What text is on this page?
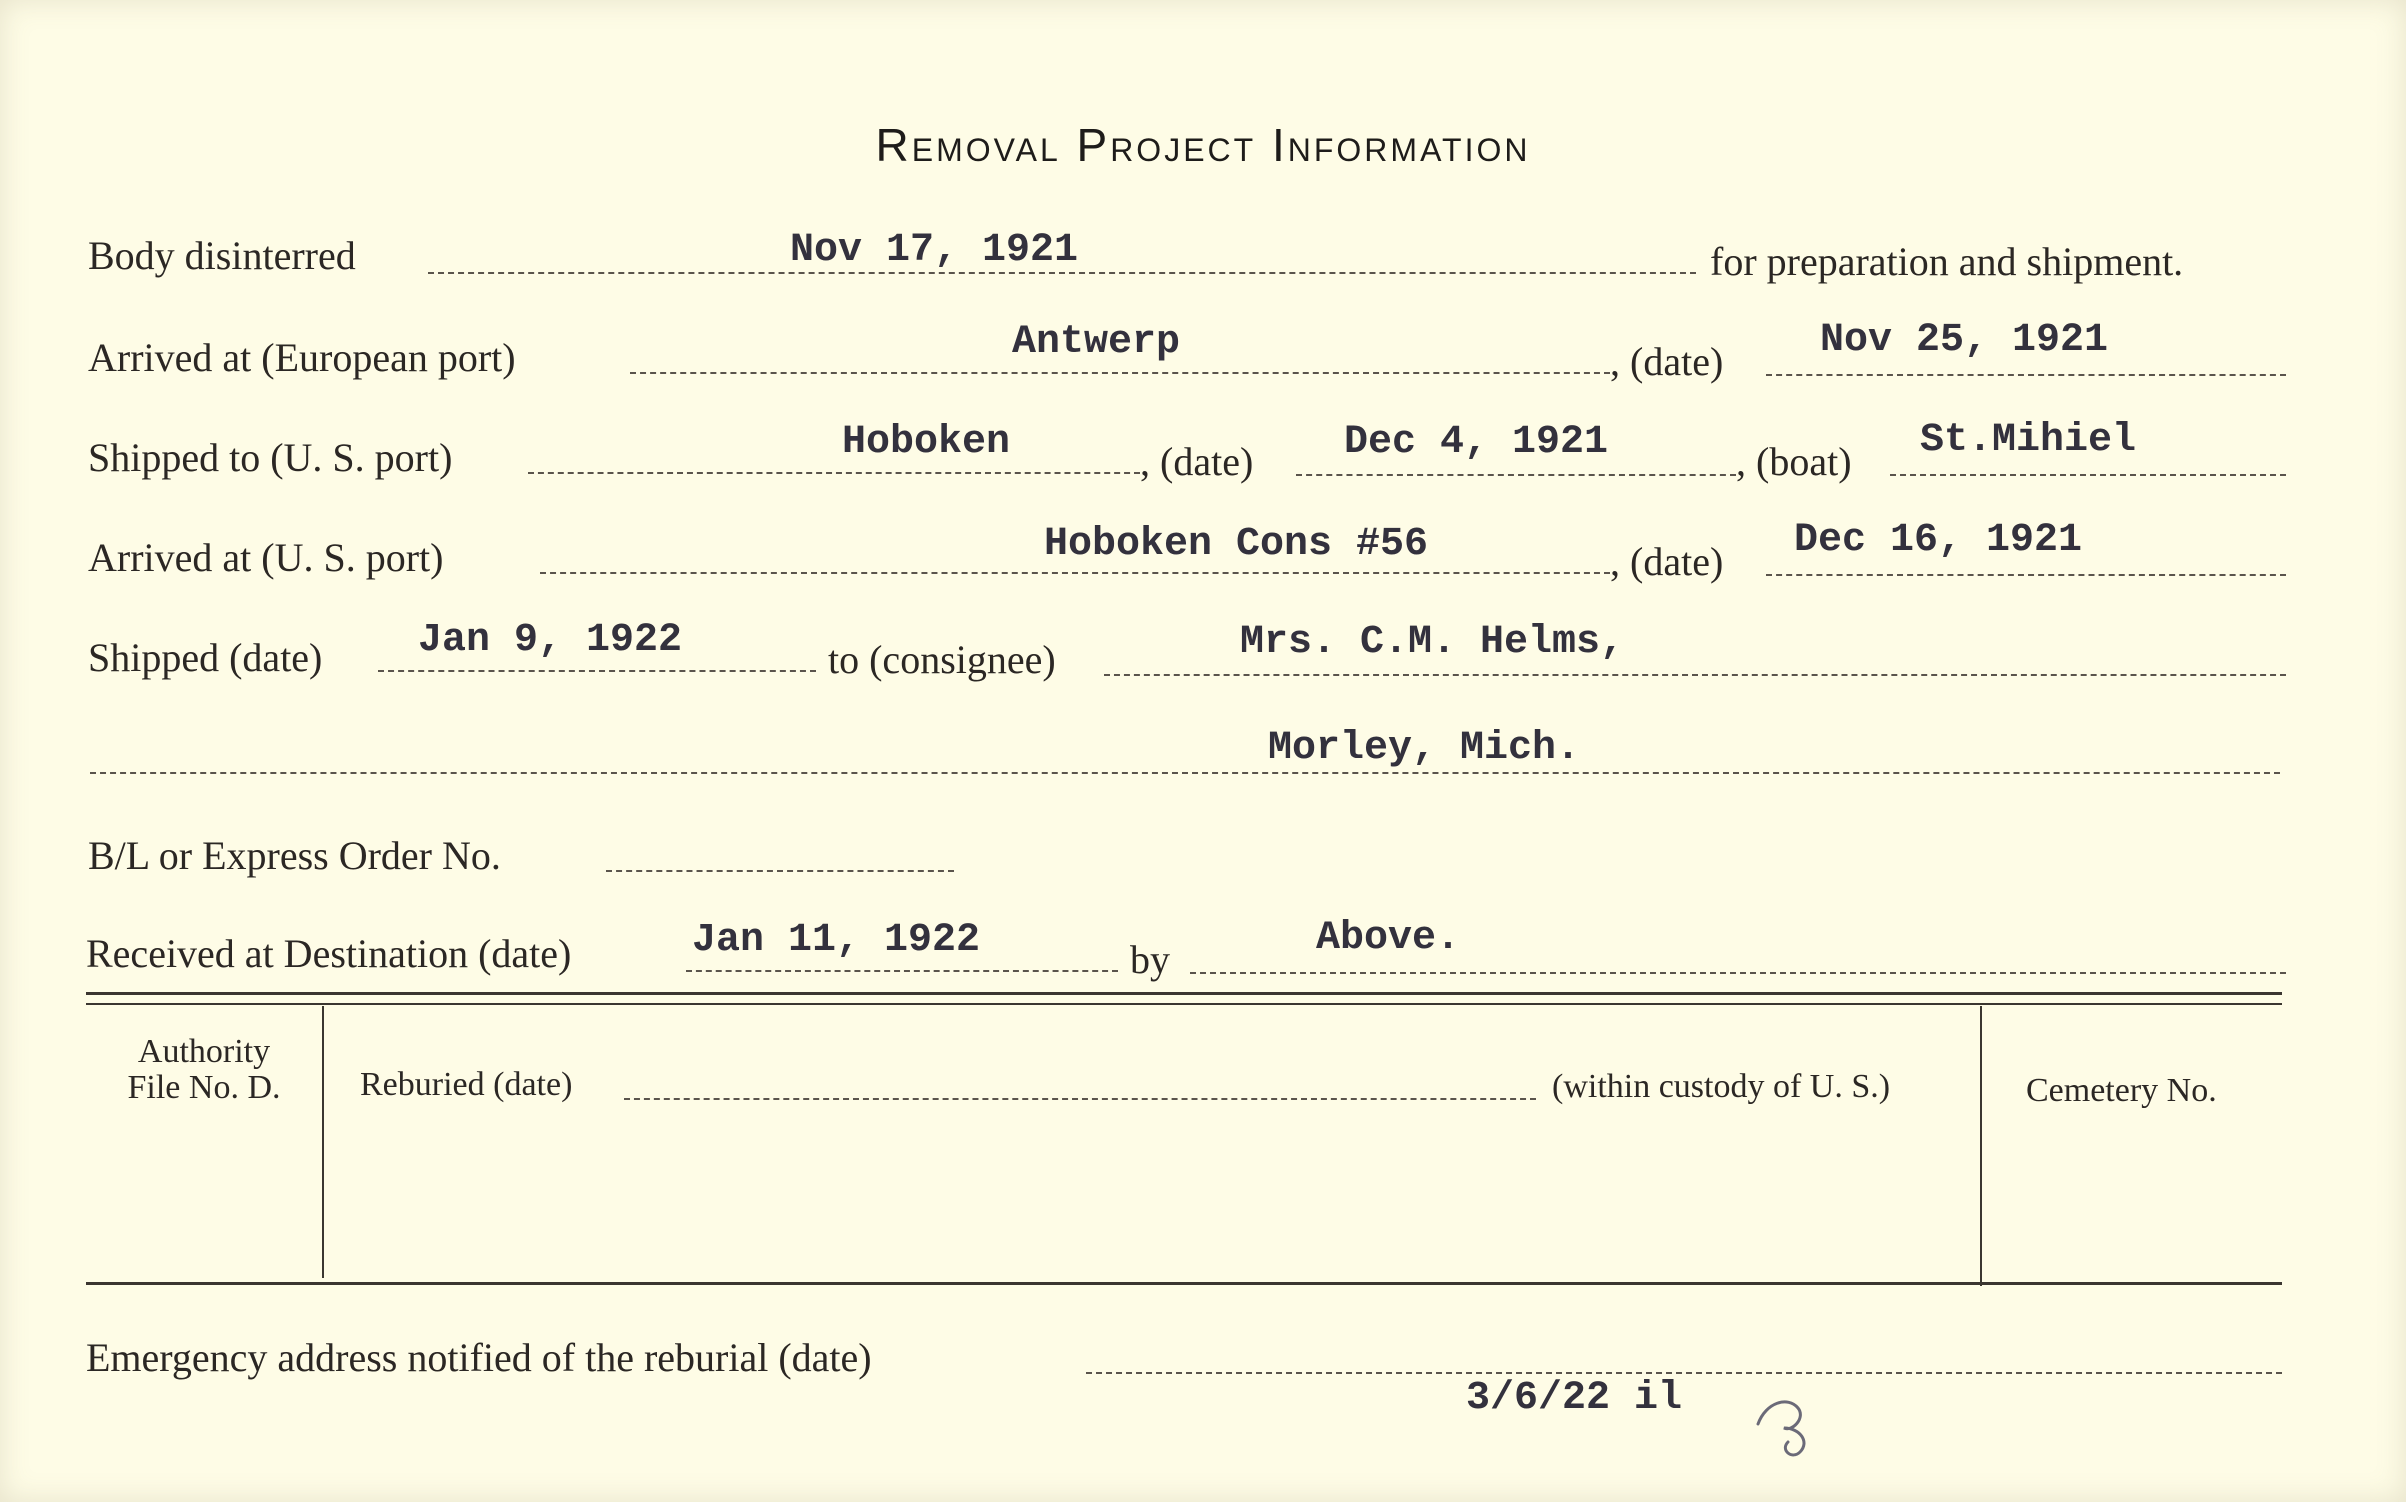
Removal Project Information
Body disinterred	Nov 17, 1921	for preparation and shipment.
Arrived at (European port)	Antwerp	, (date) Nov 25, 1921
Shipped to (U. S. port)	Hoboken	, (date) Dec 4, 1921	, (boat) St.Mihiel
Arrived at (U. S. port)	Hoboken Cons #56	, (date) Dec 16, 1921
Shipped (date) Jan 9, 1922	to (consignee)	Mrs. C.M. Helms,
Morley, Mich.
B/L or Express Order No.
Received at Destination (date)	Jan 11, 1922	by	Above.
Authority
File No. D.	Reburied (date)	(within custody of U. S.)	Cemetery No.
Emergency address notified of the reburial (date)
3/6/22 il
